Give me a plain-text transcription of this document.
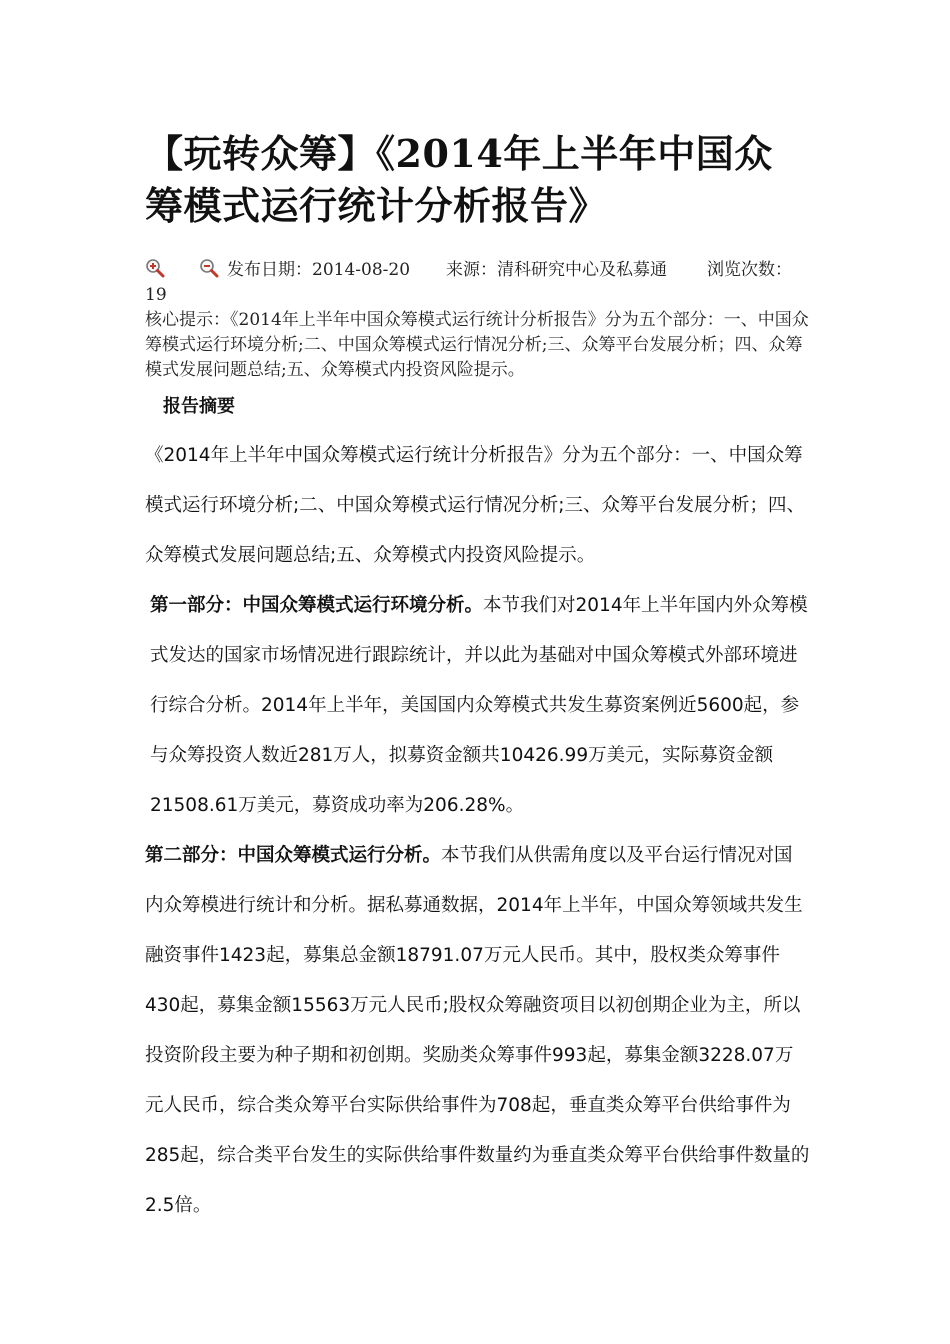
【玩转众筹】《2014年上半年中国众筹模式运行统计分析报告》
发布日期：2014-08-20 来源：清科研究中心及私募通 浏览次数：19
核心提示：《2014年上半年中国众筹模式运行统计分析报告》分为五个部分：一、中国众筹模式运行环境分析;二、中国众筹模式运行情况分析;三、众筹平台发展分析；四、众筹模式发展问题总结;五、众筹模式内投资风险提示。
报告摘要

《2014年上半年中国众筹模式运行统计分析报告》分为五个部分：一、中国众筹模式运行环境分析;二、中国众筹模式运行情况分析;三、众筹平台发展分析；四、众筹模式发展问题总结;五、众筹模式内投资风险提示。

第一部分：中国众筹模式运行环境分析。本节我们对2014年上半年国内外众筹模式发达的国家市场情况进行跟踪统计，并以此为基础对中国众筹模式外部环境进行综合分析。2014年上半年，美国国内众筹模式共发生募资案例近5600起，参与众筹投资人数近281万人，拟募资金额共10426.99万美元，实际募资金额21508.61万美元，募资成功率为206.28%。

第二部分：中国众筹模式运行分析。本节我们从供需角度以及平台运行情况对国内众筹模进行统计和分析。据私募通数据，2014年上半年，中国众筹领域共发生融资事件1423起，募集总金额18791.07万元人民币。其中，股权类众筹事件430起，募集金额15563万元人民币;股权众筹融资项目以初创期企业为主，所以投资阶段主要为种子期和初创期。奖励类众筹事件993起，募集金额3228.07万元人民币，综合类众筹平台实际供给事件为708起，垂直类众筹平台供给事件为285起，综合类平台发生的实际供给事件数量约为垂直类众筹平台供给事件数量的2.5倍。
